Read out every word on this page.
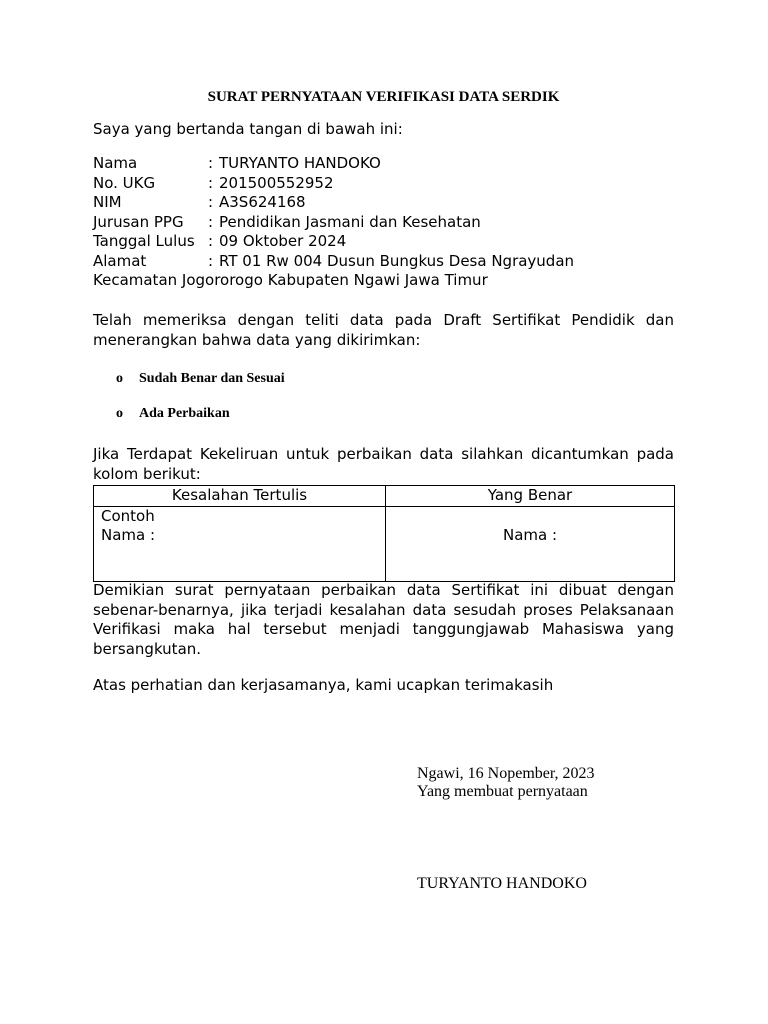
SURAT PERNYATAAN VERIFIKASI DATA SERDIK
Saya yang bertanda tangan di bawah ini:
Nama	: TURYANTO HANDOKO
No. UKG	: 201500552952
NIM	: A3S624168
Jurusan PPG	: Pendidikan Jasmani dan Kesehatan
Tanggal Lulus : 09 Oktober 2024
Alamat	: RT 01 Rw 004 Dusun Bungkus Desa Ngrayudan
Kecamatan Jogororogo Kabupaten Ngawi Jawa Timur
Telah memeriksa dengan teliti data pada Draft Sertifikat Pendidik dan menerangkan bahwa data yang dikirimkan:
o	Sudah Benar dan Sesuai
o	Ada Perbaikan
Jika Terdapat Kekeliruan untuk perbaikan data silahkan dicantumkan pada kolom berikut:
Kesalahan Tertulis	Yang Benar

Contoh
Nama :	Nama :
Demikian surat pernyataan perbaikan data Sertifikat ini dibuat dengan sebenar-benarnya, jika terjadi kesalahan data sesudah proses Pelaksanaan Verifikasi maka hal tersebut menjadi tanggungjawab Mahasiswa yang bersangkutan.
Atas perhatian dan kerjasamanya, kami ucapkan terimakasih
Ngawi, 16 Nopember, 2023
Yang membuat pernyataan
TURYANTO HANDOKO
